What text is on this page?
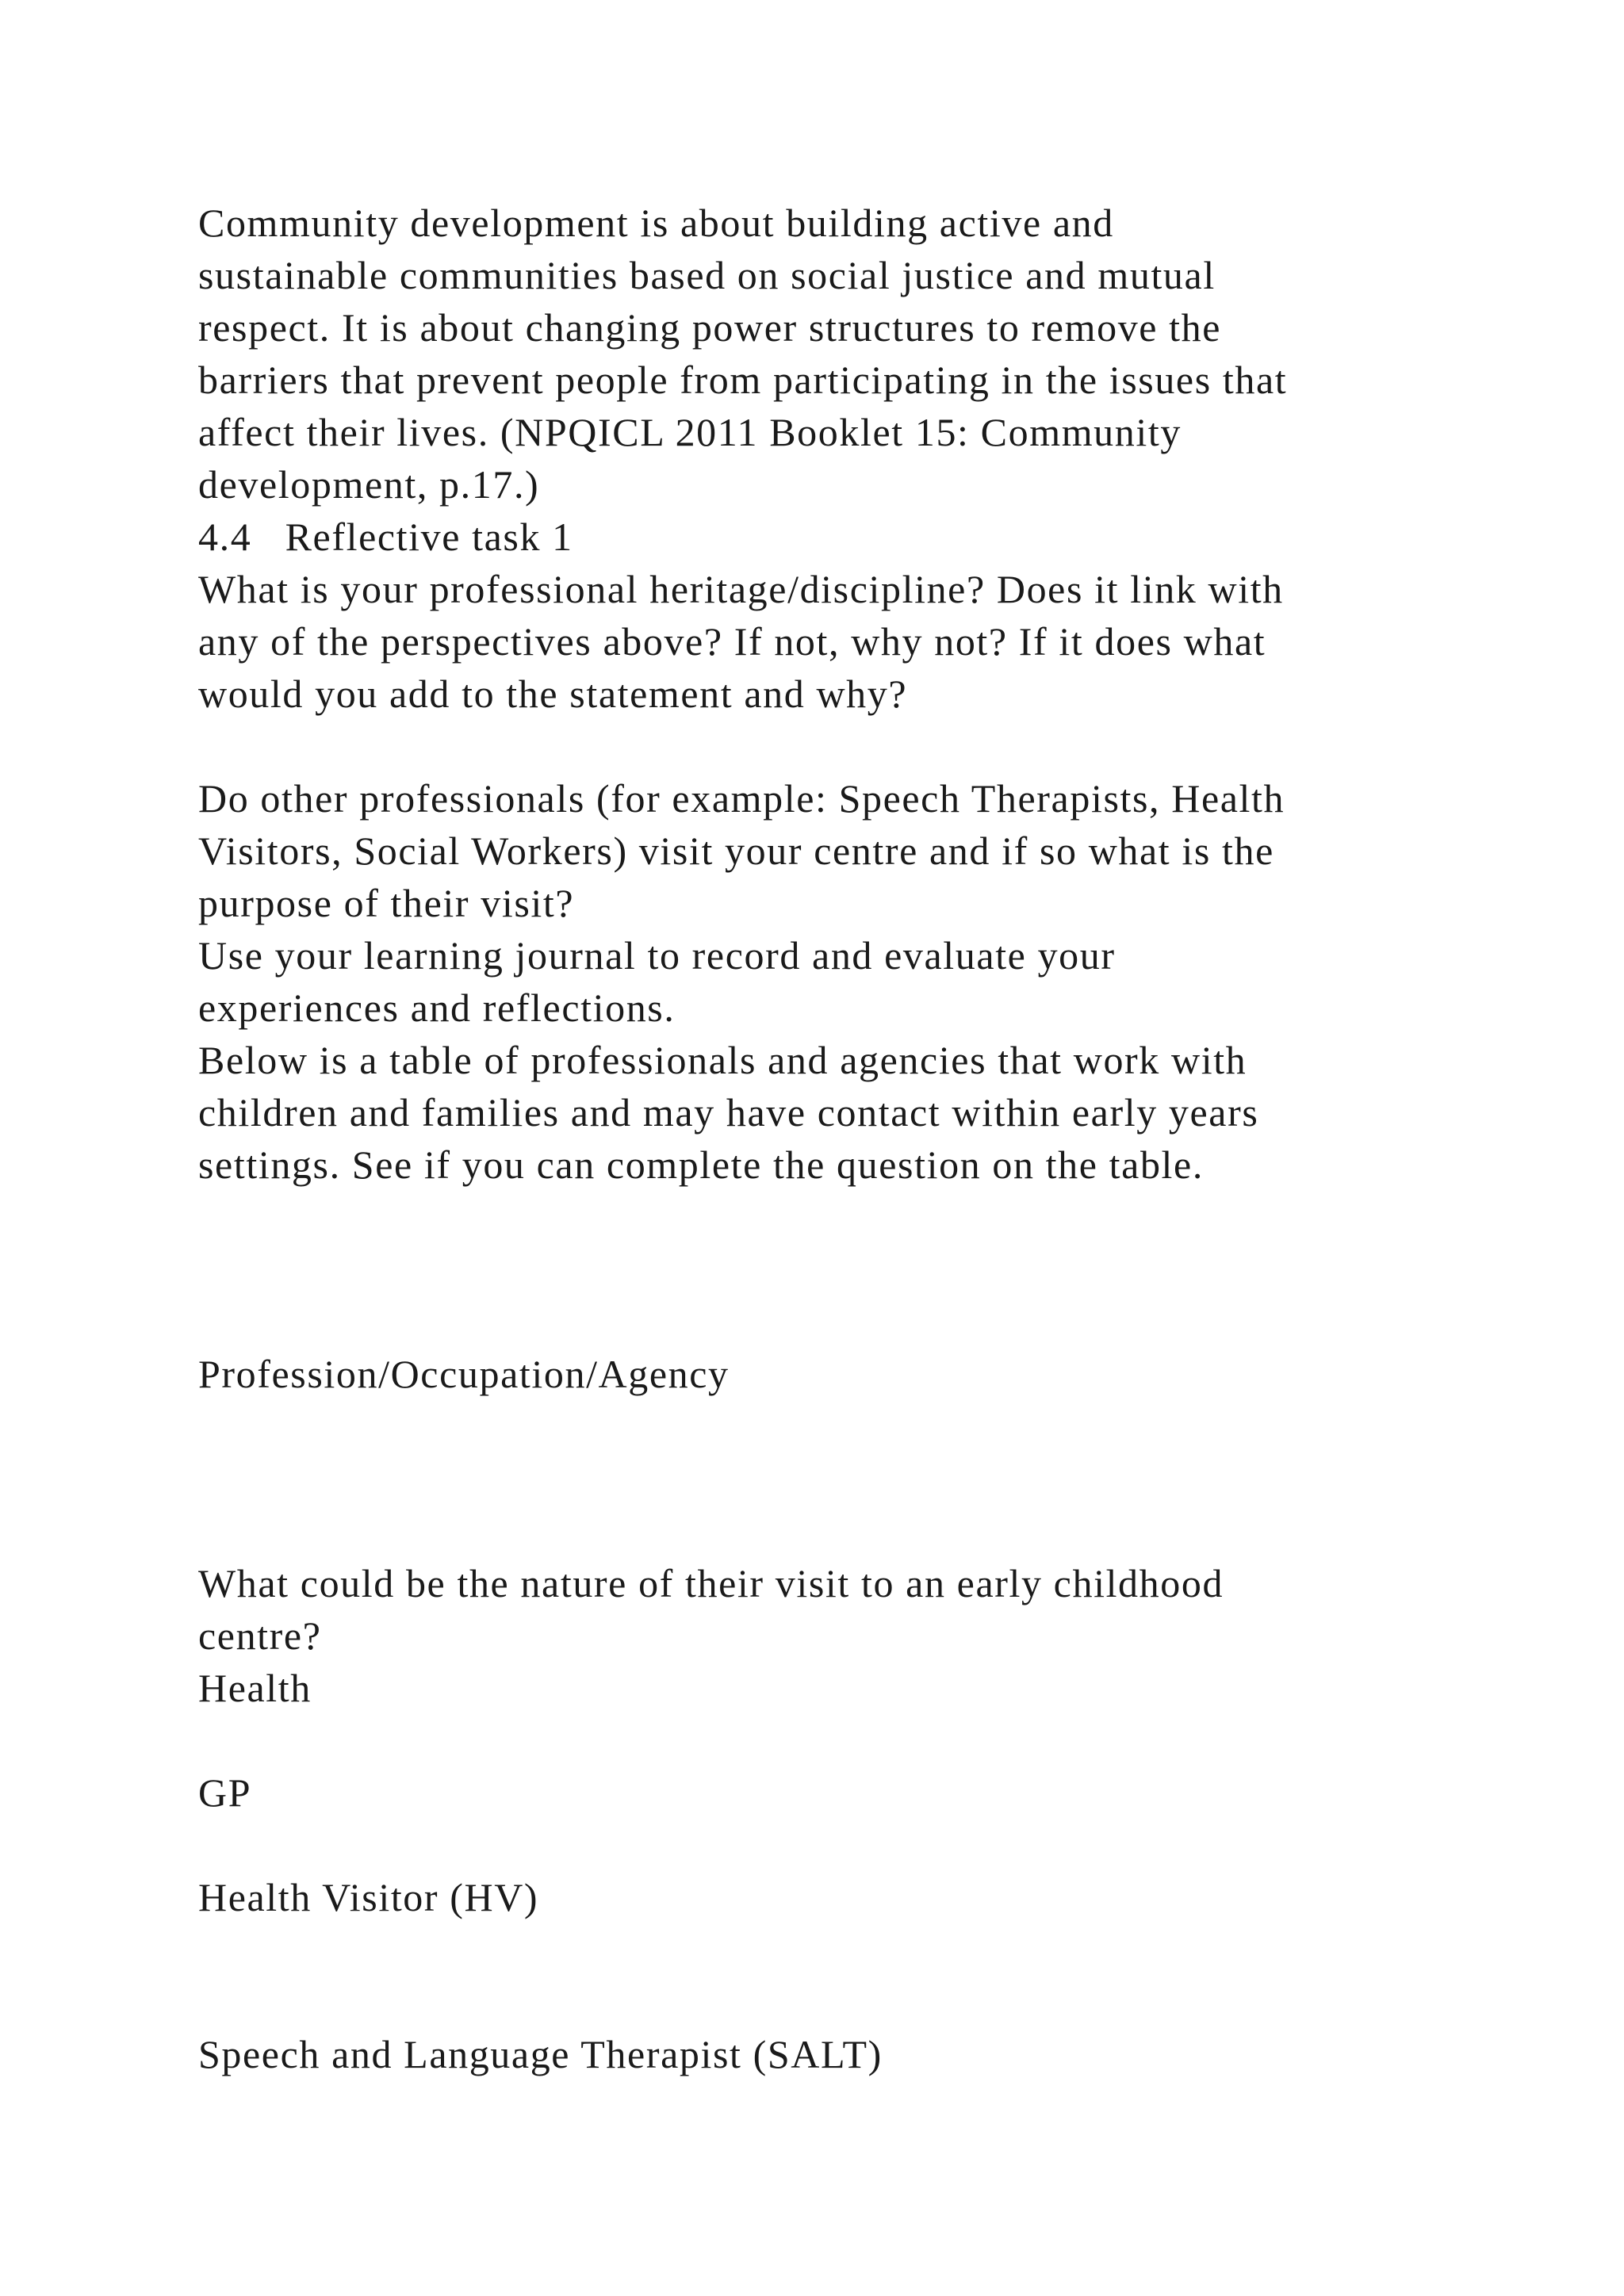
Community development is about building active and
sustainable communities based on social justice and mutual
respect. It is about changing power structures to remove the
barriers that prevent people from participating in the issues that
affect their lives. (NPQICL 2011 Booklet 15: Community
development, p.17.)
4.4   Reflective task 1
What is your professional heritage/discipline? Does it link with
any of the perspectives above? If not, why not? If it does what
would you add to the statement and why?
Do other professionals (for example: Speech Therapists, Health
Visitors, Social Workers) visit your centre and if so what is the
purpose of their visit?
Use your learning journal to record and evaluate your
experiences and reflections.
Below is a table of professionals and agencies that work with
children and families and may have contact within early years
settings. See if you can complete the question on the table.
Profession/Occupation/Agency
What could be the nature of their visit to an early childhood
centre?
Health
GP
Health Visitor (HV)
Speech and Language Therapist (SALT)
